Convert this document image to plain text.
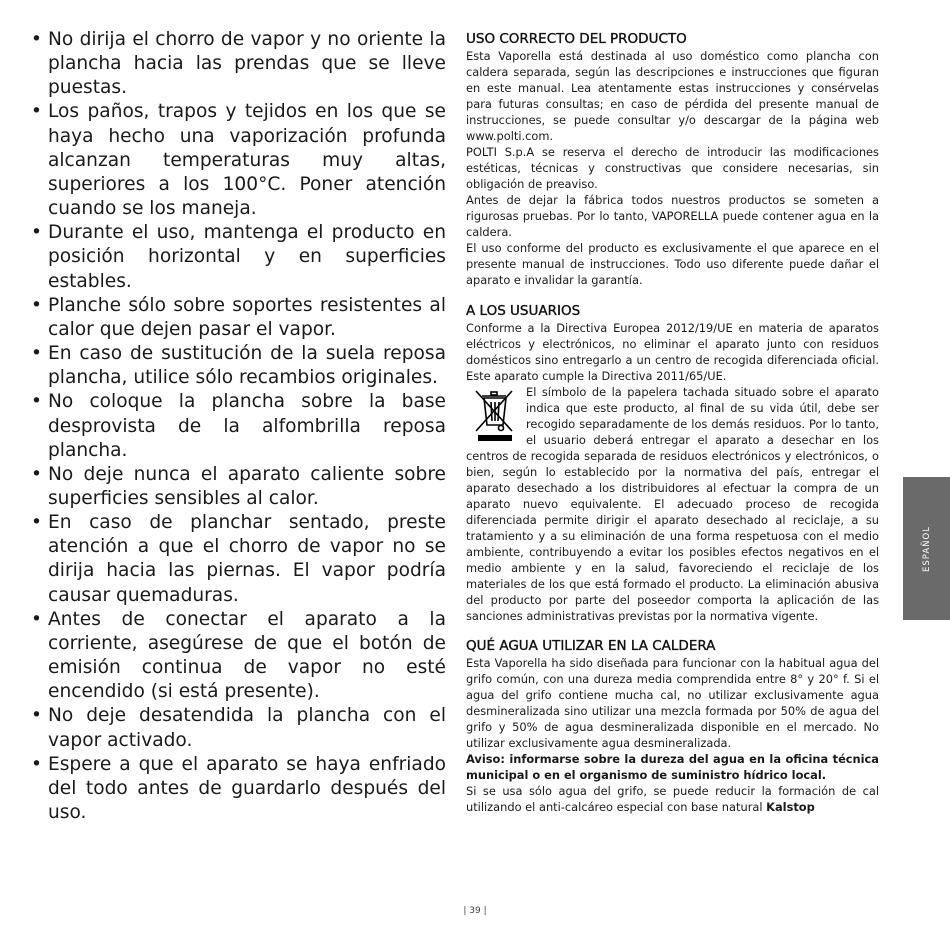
• No dirija el chorro de vapor y no oriente la plancha hacia las prendas que se lleve puestas.
• Los paños, trapos y tejidos en los que se haya hecho una vaporización profunda alcanzan temperaturas muy altas, superiores a los 100°C. Poner atención cuando se los maneja.
• Durante el uso, mantenga el producto en posición horizontal y en superficies estables.
• Planche sólo sobre soportes resistentes al calor que dejen pasar el vapor.
• En caso de sustitución de la suela reposa plancha, utilice sólo recambios originales.
• No coloque la plancha sobre la base desprovista de la alfombrilla reposa plancha.
• No deje nunca el aparato caliente sobre superficies sensibles al calor.
• En caso de planchar sentado, preste atención a que el chorro de vapor no se dirija hacia las piernas. El vapor podría causar quemaduras.
• Antes de conectar el aparato a la corriente, asegúrese de que el botón de emisión continua de vapor no esté encendido (si está presente).
• No deje desatendida la plancha con el vapor activado.
• Espere a que el aparato se haya enfriado del todo antes de guardarlo después del uso.
USO CORRECTO DEL PRODUCTO

Esta Vaporella está destinada al uso doméstico como plancha con caldera separada, según las descripciones e instrucciones que figuran en este manual. Lea atentamente estas instrucciones y consérvelas para futuras consultas; en caso de pérdida del presente manual de instrucciones, se puede consultar y/o descargar de la página web www.polti.com.

POLTI S.p.A se reserva el derecho de introducir las modificaciones estéticas, técnicas y constructivas que considere necesarias, sin obligación de preaviso.

Antes de dejar la fábrica todos nuestros productos se someten a rigurosas pruebas. Por lo tanto, VAPORELLA puede contener agua en la caldera.

El uso conforme del producto es exclusivamente el que aparece en el presente manual de instrucciones. Todo uso diferente puede dañar el aparato e invalidar la garantía.

A LOS USUARIOS

Conforme a la Directiva Europea 2012/19/UE en materia de aparatos eléctricos y electrónicos, no eliminar el aparato junto con residuos domésticos sino entregarlo a un centro de recogida diferenciada oficial. Este aparato cumple la Directiva 2011/65/UE.

El símbolo de la papelera tachada situado sobre el aparato indica que este producto, al final de su vida útil, debe ser recogido separadamente de los demás residuos. Por lo tanto, el usuario deberá entregar el aparato a desechar en los centros de recogida separada de residuos electrónicos y electrónicos, o bien, según lo establecido por la normativa del país, entregar el aparato desechado a los distribuidores al efectuar la compra de un aparato nuevo equivalente. El adecuado proceso de recogida diferenciada permite dirigir el aparato desechado al reciclaje, a su tratamiento y a su eliminación de una forma respetuosa con el medio ambiente, contribuyendo a evitar los posibles efectos negativos en el medio ambiente y en la salud, favoreciendo el reciclaje de los materiales de los que está formado el producto. La eliminación abusiva del producto por parte del poseedor comporta la aplicación de las sanciones administrativas previstas por la normativa vigente.

QUÉ AGUA UTILIZAR EN LA CALDERA

Esta Vaporella ha sido diseñada para funcionar con la habitual agua del grifo común, con una dureza media comprendida entre 8° y 20° f. Si el agua del grifo contiene mucha cal, no utilizar exclusivamente agua desmineralizada sino utilizar una mezcla formada por 50% de agua del grifo y 50% de agua desmineralizada disponible en el mercado. No utilizar exclusivamente agua desmineralizada.

Aviso: informarse sobre la dureza del agua en la oficina técnica municipal o en el organismo de suministro hídrico local.

Si se usa sólo agua del grifo, se puede reducir la formación de cal utilizando el anti-calcáreo especial con base natural Kalstop

ESPAÑOL
| 39 |
